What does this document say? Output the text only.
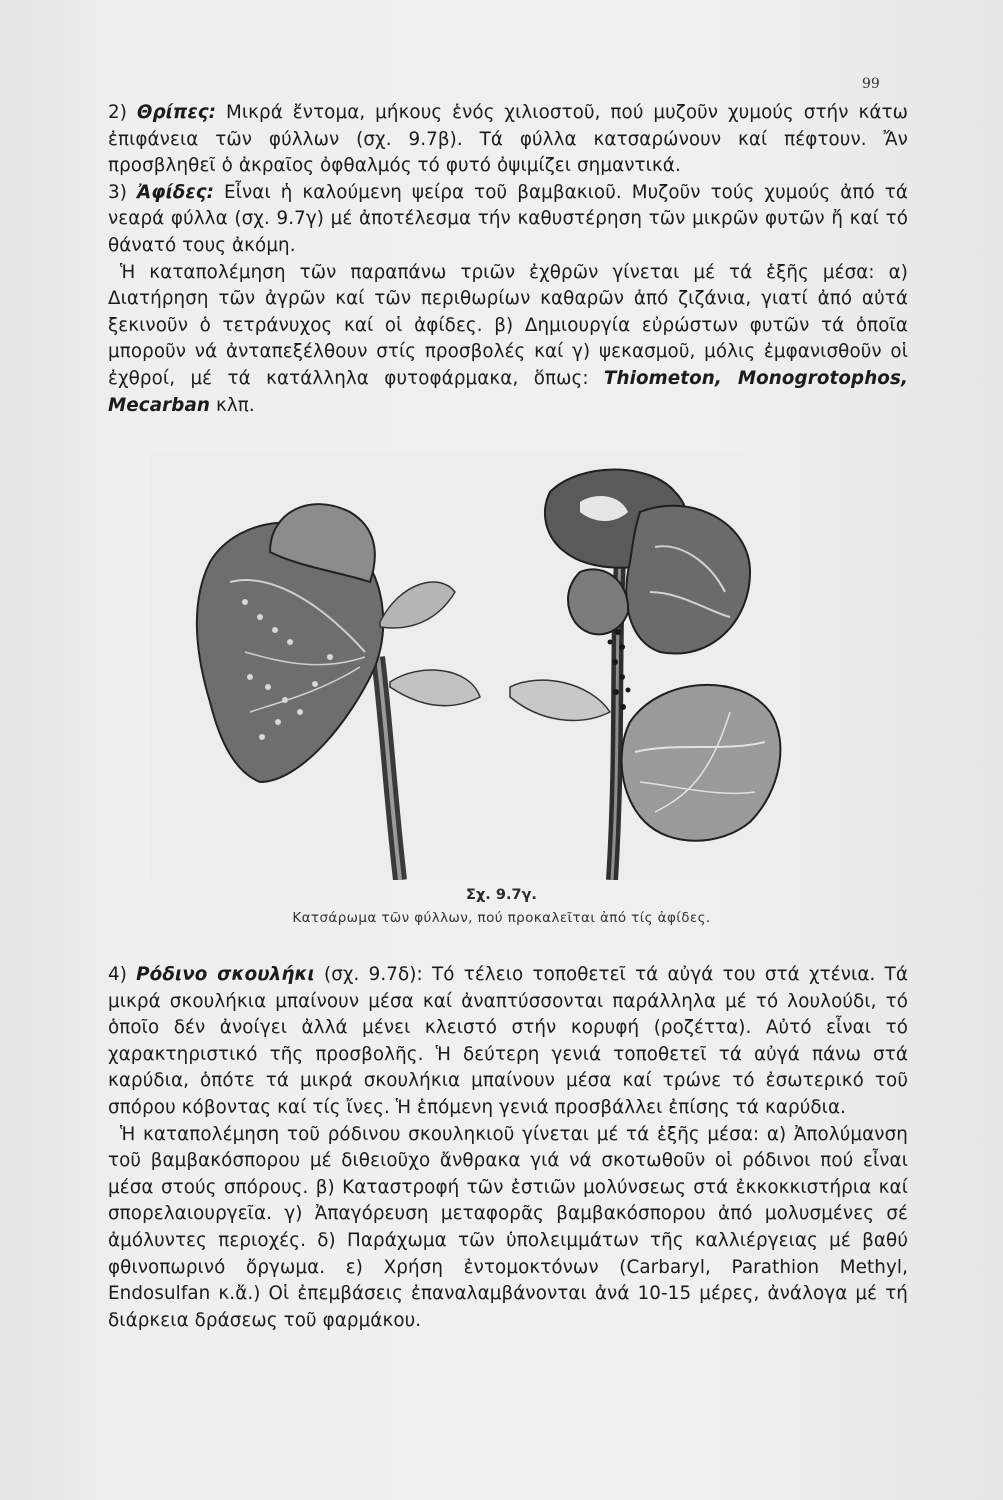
99

2) Θρίπες: Μικρά ἔντομα, μήκους ἑνός χιλιοστοῦ, πού μυζοῦν χυμούς στήν κάτω ἐπιφάνεια τῶν φύλλων (σχ. 9.7β). Τά φύλλα κατσαρώνουν καί πέφτουν. Ἄν προσβληθεῖ ὁ ἀκραῖος ὀφθαλμός τό φυτό ὀψιμίζει σημαντικά.

3) Ἀφίδες: Εἶναι ἡ καλούμενη ψείρα τοῦ βαμβακιοῦ. Μυζοῦν τούς χυμούς ἀπό τά νεαρά φύλλα (σχ. 9.7γ) μέ ἀποτέλεσμα τήν καθυστέρηση τῶν μικρῶν φυτῶν ἤ καί τό θάνατό τους ἀκόμη.

Ἡ καταπολέμηση τῶν παραπάνω τριῶν ἐχθρῶν γίνεται μέ τά ἑξῆς μέσα: α) Διατήρηση τῶν ἀγρῶν καί τῶν περιθωρίων καθαρῶν ἀπό ζιζάνια, γιατί ἀπό αὐτά ξεκινοῦν ὁ τετράνυχος καί οἱ ἀφίδες. β) Δημιουργία εὐρώστων φυτῶν τά ὁποῖα μποροῦν νά ἀνταπεξέλθουν στίς προσβολές καί γ) ψεκασμοῦ, μόλις ἐμφανισθοῦν οἱ ἐχθροί, μέ τά κατάλληλα φυτοφάρμακα, ὅπως: Thiometon, Monogrotophos, Mecarban κλπ.

Σχ. 9.7γ.
Κατσάρωμα τῶν φύλλων, πού προκαλεῖται ἀπό τίς ἀφίδες.

4) Ρόδινο σκουλήκι (σχ. 9.7δ): Τό τέλειο τοποθετεῖ τά αὐγά του στά χτένια. Τά μικρά σκουλήκια μπαίνουν μέσα καί ἀναπτύσσονται παράλληλα μέ τό λουλούδι, τό ὁποῖο δέν ἀνοίγει ἀλλά μένει κλειστό στήν κορυφή (ροζέττα). Αὐτό εἶναι τό χαρακτηριστικό τῆς προσβολῆς. Ἡ δεύτερη γενιά τοποθετεῖ τά αὐγά πάνω στά καρύδια, ὁπότε τά μικρά σκουλήκια μπαίνουν μέσα καί τρώνε τό ἐσωτερικό τοῦ σπόρου κόβοντας καί τίς ἴνες. Ἡ ἑπόμενη γενιά προσβάλλει ἐπίσης τά καρύδια.

Ἡ καταπολέμηση τοῦ ρόδινου σκουληκιοῦ γίνεται μέ τά ἑξῆς μέσα: α) Ἀπολύμανση τοῦ βαμβακόσπορου μέ διθειοῦχο ἄνθρακα γιά νά σκοτωθοῦν οἱ ρόδινοι πού εἶναι μέσα στούς σπόρους. β) Καταστροφή τῶν ἑστιῶν μολύνσεως στά ἐκκοκκιστήρια καί σπορελαιουργεῖα. γ) Ἀπαγόρευση μεταφορᾶς βαμβακόσπορου ἀπό μολυσμένες σέ ἀμόλυντες περιοχές. δ) Παράχωμα τῶν ὑπολειμμάτων τῆς καλλιέργειας μέ βαθύ φθινοπωρινό ὄργωμα. ε) Χρήση ἐντομοκτόνων (Carbaryl, Parathion Methyl, Endosulfan κ.ἄ.) Οἱ ἐπεμβάσεις ἐπαναλαμβάνονται ἀνά 10-15 μέρες, ἀνάλογα μέ τή διάρκεια δράσεως τοῦ φαρμάκου.
